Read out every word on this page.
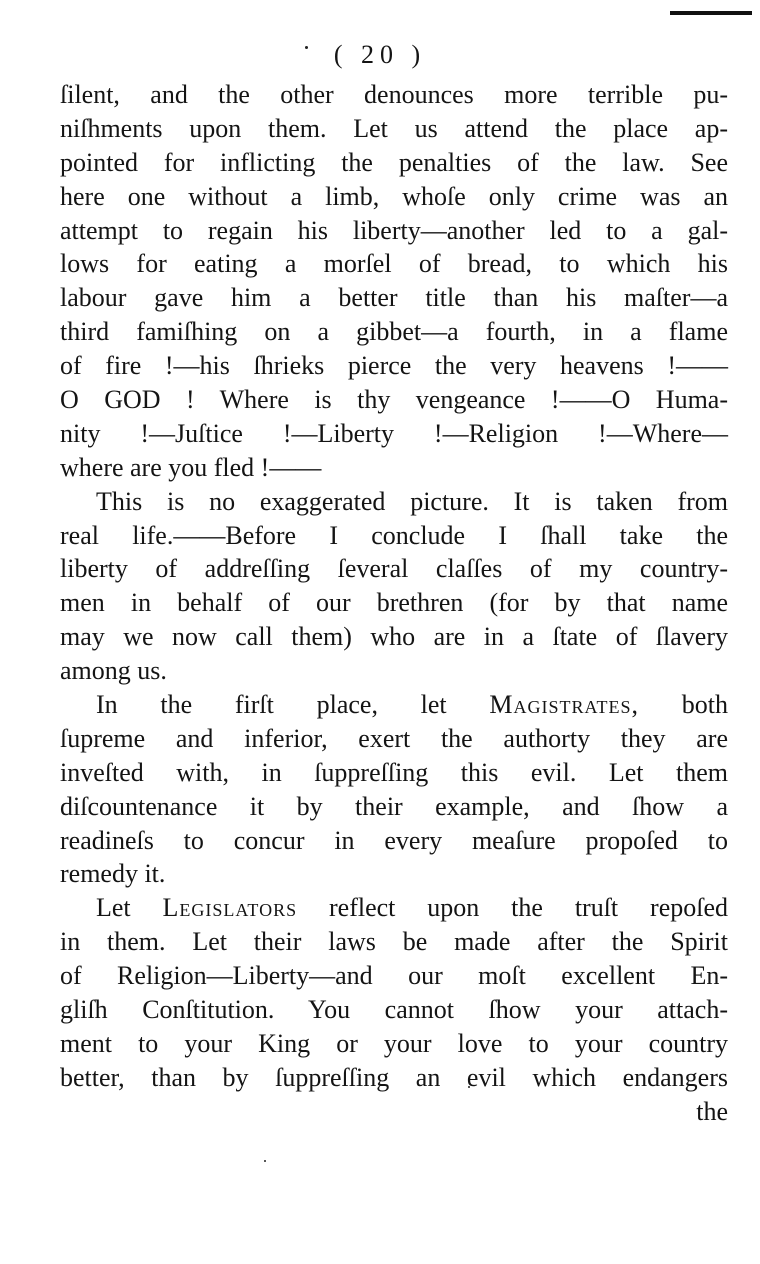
( 20 )
ſilent, and the other denounces more terrible pu-
niſhments upon them. Let us attend the place ap-
pointed for inflicting the penalties of the law. See
here one without a limb, whoſe only crime was an
attempt to regain his liberty—another led to a gal-
lows for eating a morſel of bread, to which his
labour gave him a better title than his maſter—a
third famiſhing on a gibbet—a fourth, in a flame
of fire !—his ſhrieks pierce the very heavens !——
O GOD ! Where is thy vengeance !——O Huma-
nity !—Juſtice !—Liberty !—Religion !—Where—
where are you fled !——
This is no exaggerated picture. It is taken from
real life.——Before I conclude I ſhall take the
liberty of addreſſing ſeveral claſſes of my country-
men in behalf of our brethren (for by that name
may we now call them) who are in a ſtate of ſlavery
among us.
In the firſt place, let Magistrates, both
ſupreme and inferior, exert the authorty they are
inveſted with, in ſuppreſſing this evil. Let them
diſcountenance it by their example, and ſhow a
readineſs to concur in every meaſure propoſed to
remedy it.
Let Legislators reflect upon the truſt repoſed
in them. Let their laws be made after the Spirit
of Religion—Liberty—and our moſt excellent En-
gliſh Conſtitution. You cannot ſhow your attach-
ment to your King or your love to your country
better, than by ſuppreſſing an evil which endangers
the
